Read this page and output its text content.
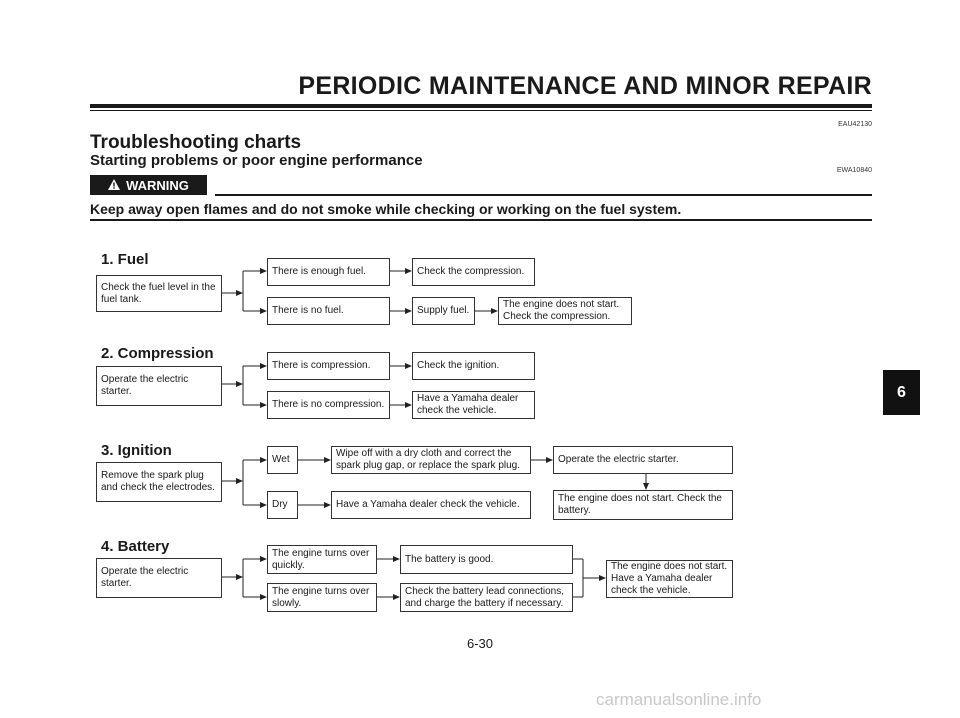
PERIODIC MAINTENANCE AND MINOR REPAIR
EAU42130
Troubleshooting charts
Starting problems or poor engine performance
EWA10840
WARNING
Keep away open flames and do not smoke while checking or working on the fuel system.
1. Fuel
Check the fuel level in the fuel tank.
There is enough fuel.	Check the compression.
There is no fuel.	Supply fuel.
The engine does not start. Check the compression.
2. Compression
Operate the electric starter.
There is compression.	Check the ignition.
There is no compression.
Have a Yamaha dealer check the vehicle.
3. Ignition
Remove the spark plug and check the electrodes.
Wet
Wipe off with a dry cloth and correct the spark plug gap, or replace the spark plug.
Operate the electric starter.
Dry	Have a Yamaha dealer check the vehicle.
The engine does not start. Check the battery.
4. Battery
Operate the electric starter.
The engine turns over quickly.
The battery is good.
The engine turns over slowly.
Check the battery lead connections, and charge the battery if necessary.
The engine does not start. Have a Yamaha dealer check the vehicle.
6
6-30
carmanualsonline.info
